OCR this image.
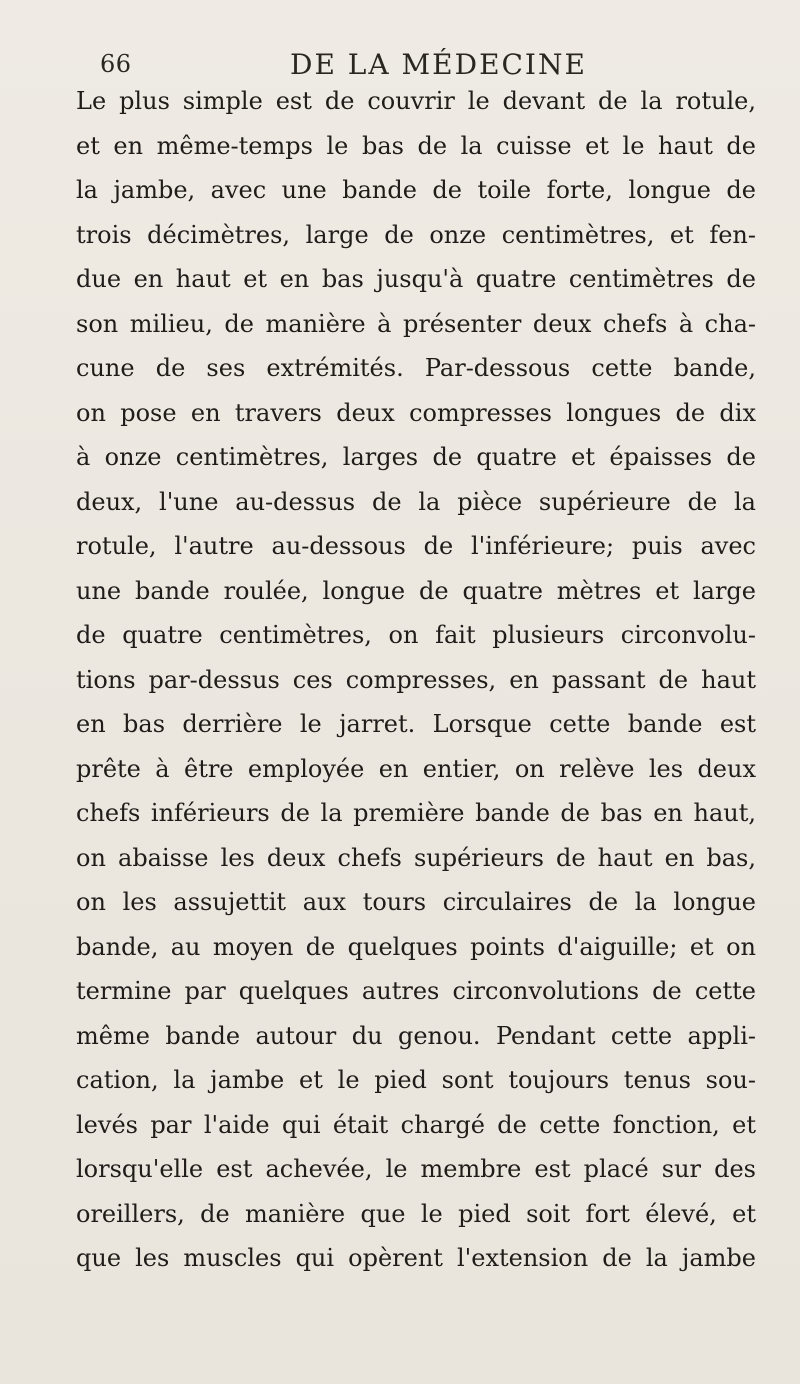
66	DE LA MÉDECINE
Le plus simple est de couvrir le devant de la rotule,
et en même-temps le bas de la cuisse et le haut de
la jambe, avec une bande de toile forte, longue de
trois décimètres, large de onze centimètres, et fen-
due en haut et en bas jusqu'à quatre centimètres de
son milieu, de manière à présenter deux chefs à cha-
cune de ses extrémités. Par-dessous cette bande,
on pose en travers deux compresses longues de dix
à onze centimètres, larges de quatre et épaisses de
deux, l'une au-dessus de la pièce supérieure de la
rotule, l'autre au-dessous de l'inférieure; puis avec
une bande roulée, longue de quatre mètres et large
de quatre centimètres, on fait plusieurs circonvolu-
tions par-dessus ces compresses, en passant de haut
en bas derrière le jarret. Lorsque cette bande est
prête à être employée en entier, on relève les deux
chefs inférieurs de la première bande de bas en haut,
on abaisse les deux chefs supérieurs de haut en bas,
on les assujettit aux tours circulaires de la longue
bande, au moyen de quelques points d'aiguille; et on
termine par quelques autres circonvolutions de cette
même bande autour du genou. Pendant cette appli-
cation, la jambe et le pied sont toujours tenus sou-
levés par l'aide qui était chargé de cette fonction, et
lorsqu'elle est achevée, le membre est placé sur des
oreillers, de manière que le pied soit fort élevé, et
que les muscles qui opèrent l'extension de la jambe
